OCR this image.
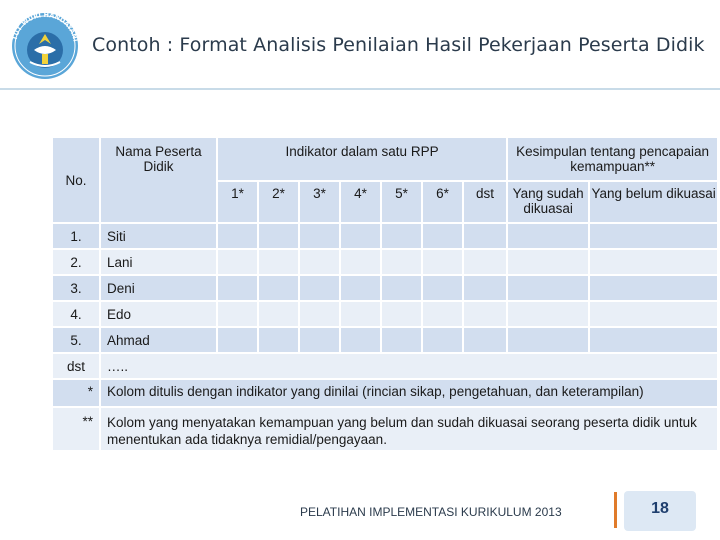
TUT WURI HANDAYANI Contoh : Format Analisis Penilaian Hasil Pekerjaan Peserta Didik
No.	Nama Peserta Didik	Indikator dalam satu RPP							Kesimpulan tentang pencapaian kemampuan**	
		1*	2*	3*	4*	5*	6*	dst	Yang sudah dikuasai	Yang belum dikuasai
1.	Siti									
2.	Lani									
3.	Deni									
4.	Edo									
5.	Ahmad									
dst	…..									
*	Kolom ditulis dengan indikator yang dinilai (rincian sikap, pengetahuan, dan keterampilan)									
**	Kolom yang menyatakan kemampuan yang belum dan sudah dikuasai seorang peserta didik untuk menentukan ada tidaknya remidial/pengayaan.									
PELATIHAN IMPLEMENTASI KURIKULUM 2013	18
